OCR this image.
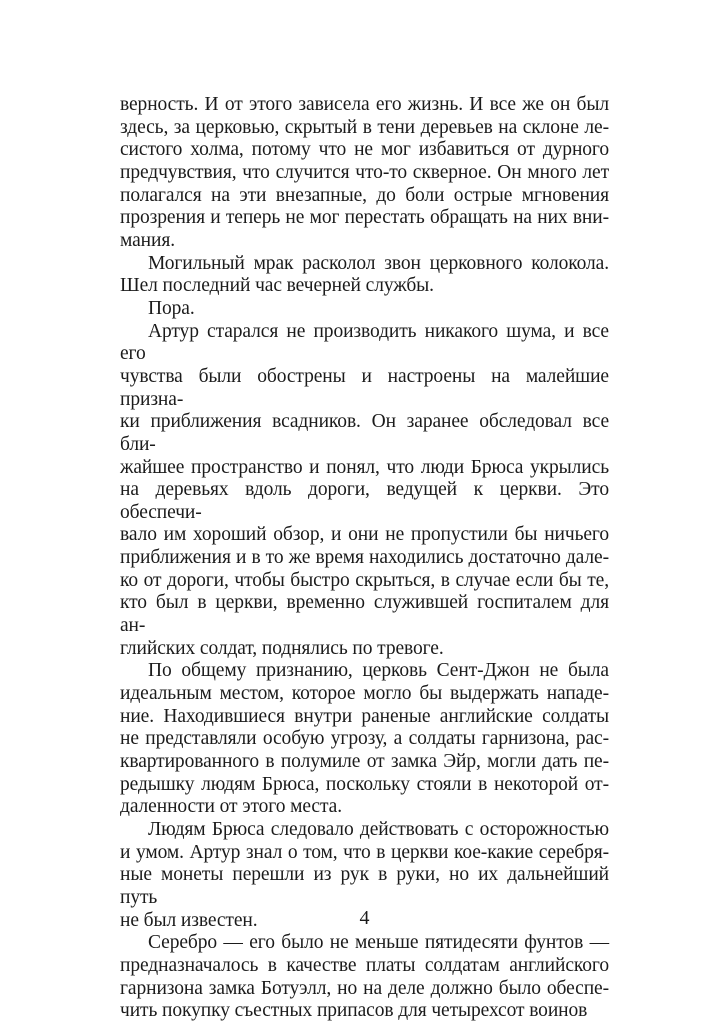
верность. И от этого зависела его жизнь. И все же он был
здесь, за церковью, скрытый в тени деревьев на склоне ле-
систого холма, потому что не мог избавиться от дурного
предчувствия, что случится что-то скверное. Он много лет
полагался на эти внезапные, до боли острые мгновения
прозрения и теперь не мог перестать обращать на них вни-
мания.
Могильный мрак расколол звон церковного колокола.
Шел последний час вечерней службы.
Пора.
Артур старался не производить никакого шума, и все его
чувства были обострены и настроены на малейшие призна-
ки приближения всадников. Он заранее обследовал все бли-
жайшее пространство и понял, что люди Брюса укрылись
на деревьях вдоль дороги, ведущей к церкви. Это обеспечи-
вало им хороший обзор, и они не пропустили бы ничьего
приближения и в то же время находились достаточно дале-
ко от дороги, чтобы быстро скрыться, в случае если бы те,
кто был в церкви, временно служившей госпиталем для ан-
глийских солдат, поднялись по тревоге.
По общему признанию, церковь Сент-Джон не была
идеальным местом, которое могло бы выдержать нападе-
ние. Находившиеся внутри раненые английские солдаты
не представляли особую угрозу, а солдаты гарнизона, рас-
квартированного в полумиле от замка Эйр, могли дать пе-
редышку людям Брюса, поскольку стояли в некоторой от-
даленности от этого места.
Людям Брюса следовало действовать с осторожностью
и умом. Артур знал о том, что в церкви кое-какие серебря-
ные монеты перешли из рук в руки, но их дальнейший путь
не был известен.
Серебро — его было не меньше пятидесяти фунтов —
предназначалось в качестве платы солдатам английского
гарнизона замка Ботуэлл, но на деле должно было обеспе-
чить покупку съестных припасов для четырехсот воинов
4
